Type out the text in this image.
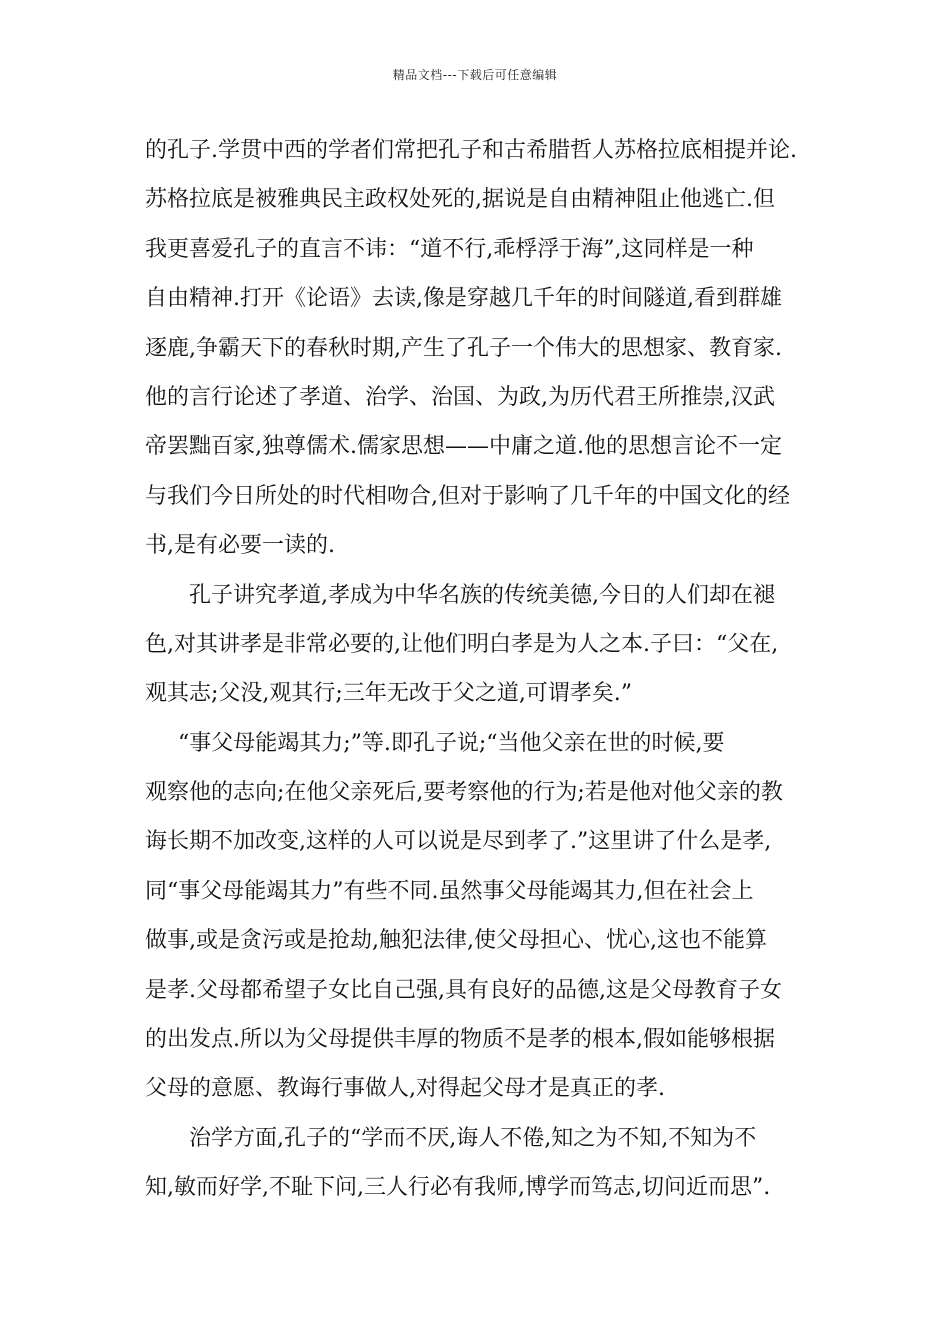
精品文档---下载后可任意编辑
的孔子.学贯中西的学者们常把孔子和古希腊哲人苏格拉底相提并论.
苏格拉底是被雅典民主政权处死的,据说是自由精神阻止他逃亡.但
我更喜爱孔子的直言不讳：“道不行,乖桴浮于海”,这同样是一种
自由精神.打开《论语》去读,像是穿越几千年的时间隧道,看到群雄
逐鹿,争霸天下的春秋时期,产生了孔子一个伟大的思想家、教育家.
他的言行论述了孝道、治学、治国、为政,为历代君王所推崇,汉武
帝罢黜百家,独尊儒术.儒家思想——中庸之道.他的思想言论不一定
与我们今日所处的时代相吻合,但对于影响了几千年的中国文化的经
书,是有必要一读的.
孔子讲究孝道,孝成为中华名族的传统美德,今日的人们却在褪
色,对其讲孝是非常必要的,让他们明白孝是为人之本.子曰：“父在,
观其志;父没,观其行;三年无改于父之道,可谓孝矣.”
“事父母能竭其力;”等.即孔子说;“当他父亲在世的时候,要
观察他的志向;在他父亲死后,要考察他的行为;若是他对他父亲的教
诲长期不加改变,这样的人可以说是尽到孝了.”这里讲了什么是孝,
同“事父母能竭其力”有些不同.虽然事父母能竭其力,但在社会上
做事,或是贪污或是抢劫,触犯法律,使父母担心、忧心,这也不能算
是孝.父母都希望子女比自己强,具有良好的品德,这是父母教育子女
的出发点.所以为父母提供丰厚的物质不是孝的根本,假如能够根据
父母的意愿、教诲行事做人,对得起父母才是真正的孝.
治学方面,孔子的“学而不厌,诲人不倦,知之为不知,不知为不
知,敏而好学,不耻下问,三人行必有我师,博学而笃志,切问近而思”.
